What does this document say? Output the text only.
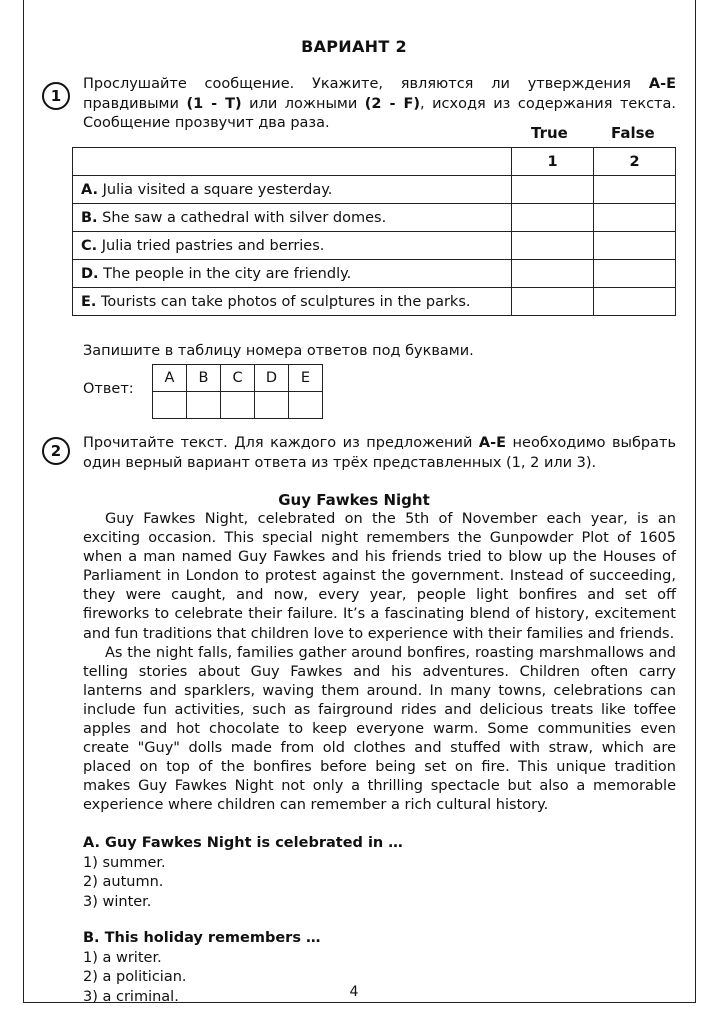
ВАРИАНТ 2
1
Прослушайте сообщение. Укажите, являются ли утверждения A-E правдивыми (1 - T) или ложными (2 - F), исходя из содержания текста. Сообщение прозвучит два раза.
True	False
	1	2
A. Julia visited a square yesterday.		
B. She saw a cathedral with silver domes.		
C. Julia tried pastries and berries.		
D. The people in the city are friendly.		
E. Tourists can take photos of sculptures in the parks.		
Запишите в таблицу номера ответов под буквами.
Ответ:
A	B	C	D	E

2 Прочитайте текст. Для каждого из предложений A-E необходимо выбрать один верный вариант ответа из трёх представленных (1, 2 или 3).
Guy Fawkes Night

Guy Fawkes Night, celebrated on the 5th of November each year, is an exciting occasion. This special night remembers the Gunpowder Plot of 1605 when a man named Guy Fawkes and his friends tried to blow up the Houses of Parliament in London to protest against the government. Instead of succeeding, they were caught, and now, every year, people light bonfires and set off fireworks to celebrate their failure. It’s a fascinating blend of history, excitement and fun traditions that children love to experience with their families and friends.

As the night falls, families gather around bonfires, roasting marshmallows and telling stories about Guy Fawkes and his adventures. Children often carry lanterns and sparklers, waving them around. In many towns, celebrations can include fun activities, such as fairground rides and delicious treats like toffee apples and hot chocolate to keep everyone warm. Some communities even create "Guy" dolls made from old clothes and stuffed with straw, which are placed on top of the bonfires before being set on fire. This unique tradition makes Guy Fawkes Night not only a thrilling spectacle but also a memorable experience where children can remember a rich cultural history.

A. Guy Fawkes Night is celebrated in …
1) summer.
2) autumn.
3) winter.
B. This holiday remembers …
1) a writer.
2) a politician.
3) a criminal.	4
